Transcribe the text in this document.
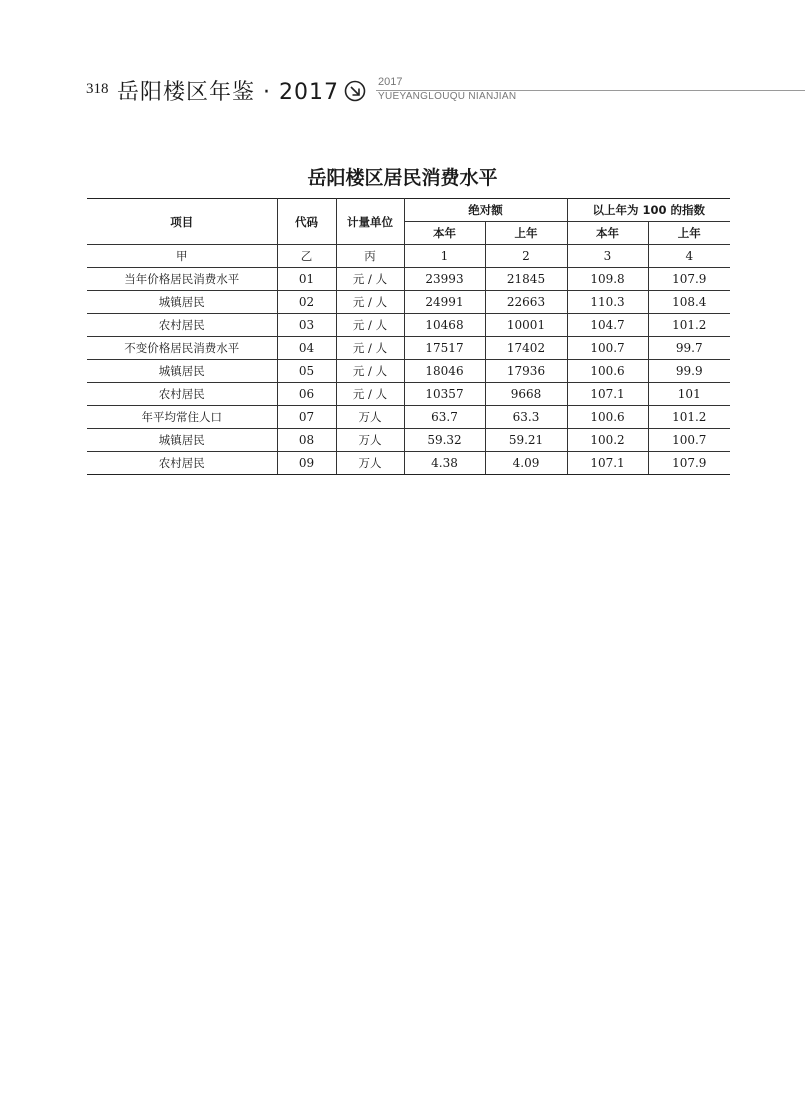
318 岳阳楼区年鉴 · 2017	2017
YUEYANGLOUQU NIANJIAN
岳阳楼区居民消费水平
项目	代码	计量单位	绝对额		以上年为 100 的指数	
			本年	上年	本年	上年
甲	乙	丙	1	2	3	4
当年价格居民消费水平	01	元 / 人	23993	21845	109.8	107.9
城镇居民	02	元 / 人	24991	22663	110.3	108.4
农村居民	03	元 / 人	10468	10001	104.7	101.2
不变价格居民消费水平	04	元 / 人	17517	17402	100.7	99.7
城镇居民	05	元 / 人	18046	17936	100.6	99.9
农村居民	06	元 / 人	10357	9668	107.1	101
年平均常住人口	07	万人	63.7	63.3	100.6	101.2
城镇居民	08	万人	59.32	59.21	100.2	100.7
农村居民	09	万人	4.38	4.09	107.1	107.9
